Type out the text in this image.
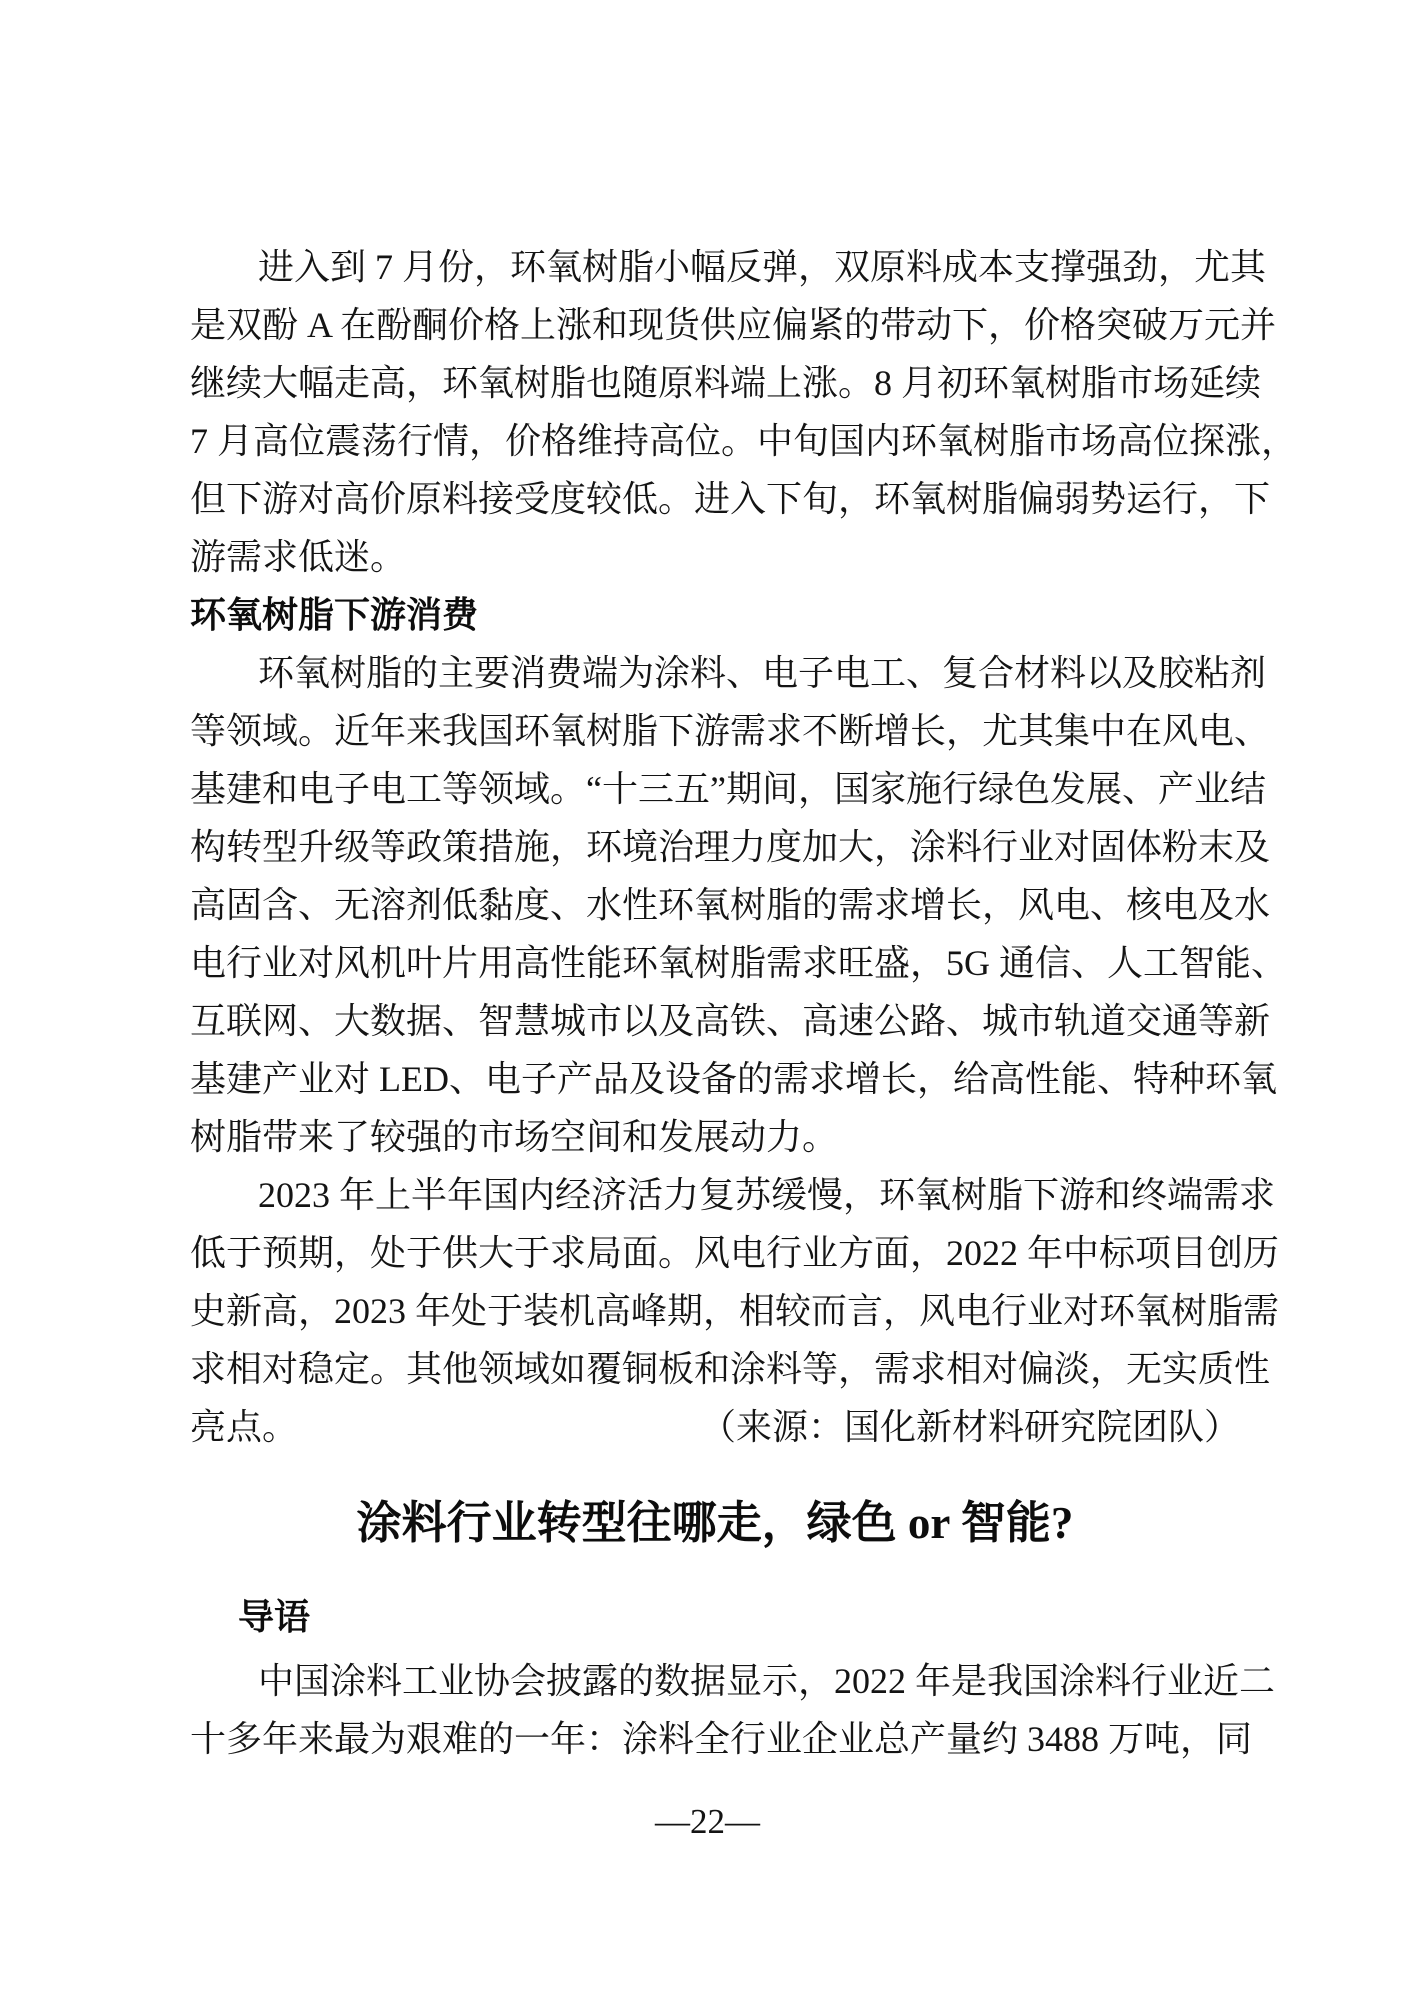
进入到 7 月份，环氧树脂小幅反弹，双原料成本支撑强劲，尤其
是双酚 A 在酚酮价格上涨和现货供应偏紧的带动下，价格突破万元并
继续大幅走高，环氧树脂也随原料端上涨。8 月初环氧树脂市场延续
7 月高位震荡行情，价格维持高位。中旬国内环氧树脂市场高位探涨，
但下游对高价原料接受度较低。进入下旬，环氧树脂偏弱势运行，下
游需求低迷。
环氧树脂下游消费
环氧树脂的主要消费端为涂料、电子电工、复合材料以及胶粘剂
等领域。近年来我国环氧树脂下游需求不断增长，尤其集中在风电、
基建和电子电工等领域。“十三五”期间，国家施行绿色发展、产业结
构转型升级等政策措施，环境治理力度加大，涂料行业对固体粉末及
高固含、无溶剂低黏度、水性环氧树脂的需求增长，风电、核电及水
电行业对风机叶片用高性能环氧树脂需求旺盛，5G 通信、人工智能、
互联网、大数据、智慧城市以及高铁、高速公路、城市轨道交通等新
基建产业对 LED、电子产品及设备的需求增长，给高性能、特种环氧
树脂带来了较强的市场空间和发展动力。
2023 年上半年国内经济活力复苏缓慢，环氧树脂下游和终端需求
低于预期，处于供大于求局面。风电行业方面，2022 年中标项目创历
史新高，2023 年处于装机高峰期，相较而言，风电行业对环氧树脂需
求相对稳定。其他领域如覆铜板和涂料等，需求相对偏淡，无实质性
亮点。	（来源：国化新材料研究院团队）
涂料行业转型往哪走，绿色 or 智能?
导语
中国涂料工业协会披露的数据显示，2022 年是我国涂料行业近二
十多年来最为艰难的一年：涂料全行业企业总产量约 3488 万吨，同
—22—
